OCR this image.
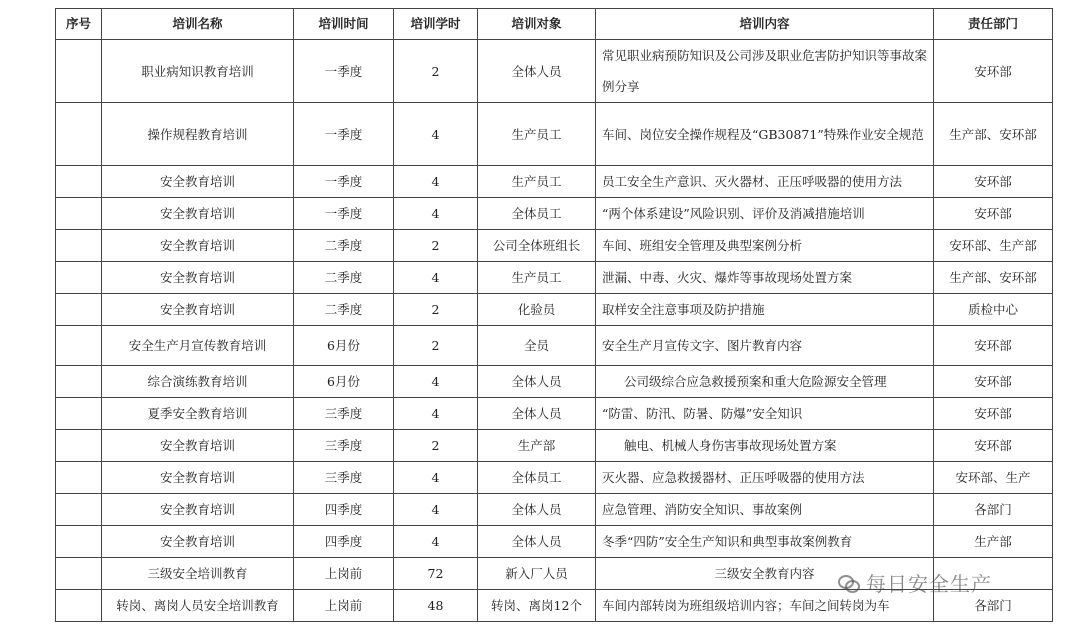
序号	培训名称	培训时间	培训学时	培训对象	培训内容	责任部门
	职业病知识教育培训	一季度	2	全体人员	常见职业病预防知识及公司涉及职业危害防护知识等事故案例分享	安环部
	操作规程教育培训	一季度	4	生产员工	车间、岗位安全操作规程及“GB30871”特殊作业安全规范	生产部、安环部
	安全教育培训	一季度	4	生产员工	员工安全生产意识、灭火器材、正压呼吸器的使用方法	安环部
	安全教育培训	一季度	4	全体员工	“两个体系建设”风险识别、评价及消减措施培训	安环部
	安全教育培训	二季度	2	公司全体班组长	车间、班组安全管理及典型案例分析	安环部、生产部
	安全教育培训	二季度	4	生产员工	泄漏、中毒、火灾、爆炸等事故现场处置方案	生产部、安环部
	安全教育培训	二季度	2	化验员	取样安全注意事项及防护措施	质检中心
	安全生产月宣传教育培训	6月份	2	全员	安全生产月宣传文字、图片教育内容	安环部
	综合演练教育培训	6月份	4	全体人员	公司级综合应急救援预案和重大危险源安全管理	安环部
	夏季安全教育培训	三季度	4	全体人员	“防雷、防汛、防暑、防爆”安全知识	安环部
	安全教育培训	三季度	2	生产部	触电、机械人身伤害事故现场处置方案	安环部
	安全教育培训	三季度	4	全体员工	灭火器、应急救援器材、正压呼吸器的使用方法	安环部、生产
	安全教育培训	四季度	4	全体人员	应急管理、消防安全知识、事故案例	各部门
	安全教育培训	四季度	4	全体人员	冬季“四防”安全生产知识和典型事故案例教育	生产部
	三级安全培训教育	上岗前	72	新入厂人员	三级安全教育内容	
	转岗、离岗人员安全培训教育	上岗前	48	转岗、离岗12个	车间内部转岗为班组级培训内容；车间之间转岗为车	各部门
每日安全生产
